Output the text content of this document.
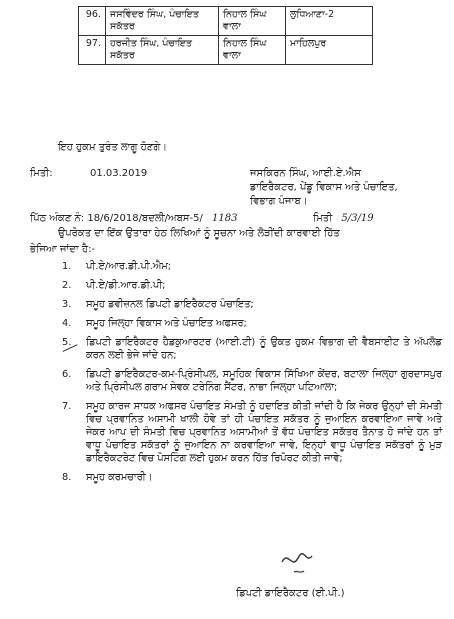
96.	ਜਸਵਿੰਦਰ ਸਿੰਘ, ਪੰਚਾਇਤ ਸਕੱਤਰ	ਨਿਹਾਲ ਸਿੰਘ ਵਾਲਾ	ਲੁਧਿਆਣਾ-2
97.	ਹਰਜੀਤ ਸਿੰਘ, ਪੰਚਾਇਤ ਸਕੱਤਰ	ਨਿਹਾਲ ਸਿੰਘ ਵਾਲਾ	ਮਾਹਿਲਪੁਰ
ਇਹ ਹੁਕਮ ਤੁਰੰਤ ਲਾਗੂ ਹੋਣਗੇ।
ਮਿਤੀ:	01.03.2019	ਜਸਕਿਰਨ ਸਿੰਘ, ਆਈ.ਏ.ਐਸ
ਡਾਇਰੈਕਟਰ, ਪੇਂਡੂ ਵਿਕਾਸ ਅਤੇ ਪੰਚਾਇਤ,
ਵਿਭਾਗ ਪੰਜਾਬ।
ਪਿੱਠ ਅੰਕਣ ਨੰ: 18/6/2018/ਬਦਲੀ/ਅਬਸ-5/ 1183	ਮਿਤੀ 5/3/19
ਉਪਰੋਕਤ ਦਾ ਇੱਕ ਉਤਾਰਾ ਹੇਠ ਲਿਖਿਆਂ ਨੂੰ ਸੂਚਨਾ ਅਤੇ ਲੋੜੀਂਦੀ ਕਾਰਵਾਈ ਹਿੱਤ
ਭੇਜਿਆ ਜਾਂਦਾ ਹੈ:-
1. ਪੀ.ਏ/ਆਰ.ਡੀ.ਪੀ.ਐਮ;
2. ਪੀ.ਏ/ਡੀ.ਆਰ.ਡੀ.ਪੀ;
3. ਸਮੂਹ ਡਵੀਜ਼ਨਲ ਡਿਪਟੀ ਡਾਇਰੈਕਟਰ ਪੰਚਾਇਤ;
4. ਸਮੂਹ ਜਿਲ੍ਹਾ ਵਿਕਾਸ ਅਤੇ ਪੰਚਾਇਤ ਅਫਸਰ;
5. ਡਿਪਟੀ ਡਾਇਰੈਕਟਰ ਹੈਡਕੁਆਰਟਰ (ਆਈ.ਟੀ) ਨੂੰ ਉਕਤ ਹੁਕਮ ਵਿਭਾਗ ਦੀ ਵੈਬਸਾਈਟ ਤੇ ਅੱਪਲੋਡ ਕਰਨ ਲਈ ਭੇਜੇ ਜਾਂਦੇ ਹਨ;
6. ਡਿਪਟੀ ਡਾਇਰੈਕਟਰ-ਕਮ-ਪ੍ਰਿੰਸੀਪਲ, ਸਮੂਹਿਕ ਵਿਕਾਸ ਸਿੱਖਿਆ ਕੇਂਦਰ, ਬਟਾਲਾ ਜਿਲ੍ਹਾ ਗੁਰਦਾਸਪੁਰ ਅਤੇ ਪ੍ਰਿੰਸੀਪਲ ਗਰਾਮ ਸੇਵਕ ਟਰੇਨਿੰਗ ਸੈਂਟਰ, ਨਾਭਾ ਜਿਲ੍ਹਾ ਪਟਿਆਲਾ;
7. ਸਮੂਹ ਕਾਰਜ ਸਾਧਕ ਅਫਸਰ ਪੰਚਾਇਤ ਸੰਮਤੀ ਨੂੰ ਹਦਾਇਤ ਕੀਤੀ ਜਾਂਦੀ ਹੈ ਕਿ ਜੇਕਰ ਉਨ੍ਹਾਂ ਦੀ ਸੰਮਤੀ ਵਿਚ ਪ੍ਰਵਾਨਿਤ ਅਸਾਮੀ ਖਾਲੀ ਹੋਵੇ ਤਾਂ ਹੀ ਪੰਚਾਇਤ ਸਕੱਤਰ ਨੂੰ ਜੁਆਇਨ ਕਰਵਾਇਆ ਜਾਵੇ ਅਤੇ ਜੇਕਰ ਆਪ ਦੀ ਸੰਮਤੀ ਵਿਚ ਪ੍ਰਵਾਨਿਤ ਅਸਾਮੀਆਂ ਤੋਂ ਵੱਧ ਪੰਚਾਇਤ ਸਕੱਤਰ ਤੈਨਾਤ ਹੋ ਜਾਂਦੇ ਹਨ ਤਾਂ ਵਾਧੂ ਪੰਚਾਇਤ ਸਕੱਤਰਾਂ ਨੂੰ ਜੁਆਇਨ ਨਾ ਕਰਵਾਇਆ ਜਾਵੇ, ਇਨ੍ਹਾਂ ਵਾਧੂ ਪੰਚਾਇਤ ਸਕੱਤਰਾਂ ਨੂੰ ਮੁੜ ਡਾਇਰੈਕਟਰੇਟ ਵਿਚ ਪੋਸਟਿੰਗ ਲਈ ਹੁਕਮ ਕਰਨ ਹਿੱਤ ਰਿਪੋਰਟ ਕੀਤੀ ਜਾਵੇ;
8. ਸਮੂਹ ਕਰਮਚਾਰੀ।
ਡਿਪਟੀ ਡਾਇਰੈਕਟਰ (ਈ.ਪੀ.)
